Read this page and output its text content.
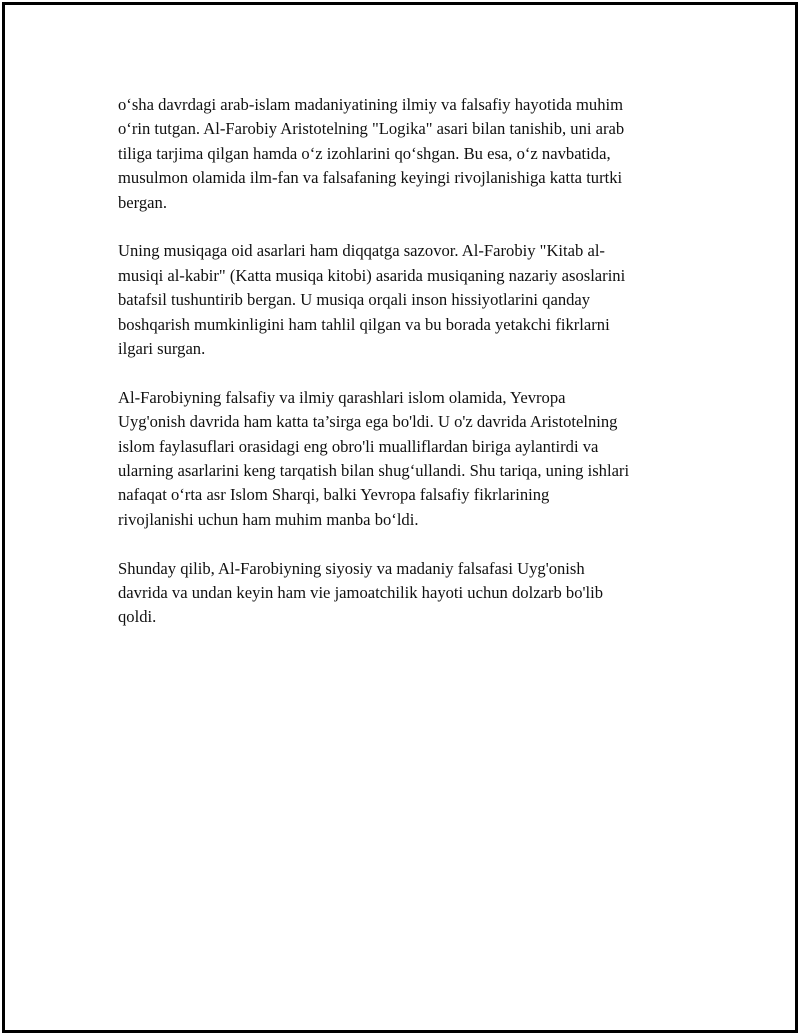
oʻsha davrdagi arab-islam madaniyatining ilmiy va falsafiy hayotida muhim
oʻrin tutgan. Al-Farobiy Aristotelning "Logika" asari bilan tanishib, uni arab
tiliga tarjima qilgan hamda oʻz izohlarini qoʻshgan. Bu esa, oʻz navbatida,
musulmon olamida ilm-fan va falsafaning keyingi rivojlanishiga katta turtki
bergan.

Uning musiqaga oid asarlari ham diqqatga sazovor. Al-Farobiy "Kitab al-
musiqi al-kabir" (Katta musiqa kitobi) asarida musiqaning nazariy asoslarini
batafsil tushuntirib bergan. U musiqa orqali inson hissiyotlarini qanday
boshqarish mumkinligini ham tahlil qilgan va bu borada yetakchi fikrlarni
ilgari surgan.

Al-Farobiyning falsafiy va ilmiy qarashlari islom olamida, Yevropa
Uyg'onish davrida ham katta ta’sirga ega bo'ldi. U o'z davrida Aristotelning
islom faylasuflari orasidagi eng obro'li mualliflardan biriga aylantirdi va
ularning asarlarini keng tarqatish bilan shugʻullandi. Shu tariqa, uning ishlari
nafaqat oʻrta asr Islom Sharqi, balki Yevropa falsafiy fikrlarining
rivojlanishi uchun ham muhim manba boʻldi.

Shunday qilib, Al-Farobiyning siyosiy va madaniy falsafasi Uyg'onish
davrida va undan keyin ham vie jamoatchilik hayoti uchun dolzarb bo'lib
qoldi.
